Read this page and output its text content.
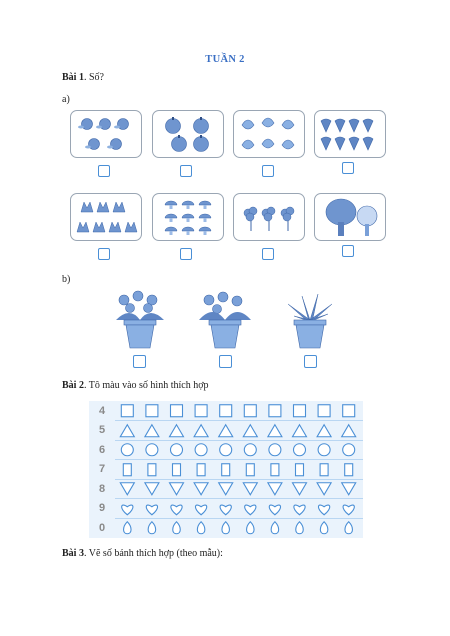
TUẦN 2
Bài 1. Số?
a)
b)
Bài 2. Tô màu vào số hình thích hợp
4
5
6
7
8
9
0
Bài 3. Vẽ số bánh thích hợp (theo mẫu):
